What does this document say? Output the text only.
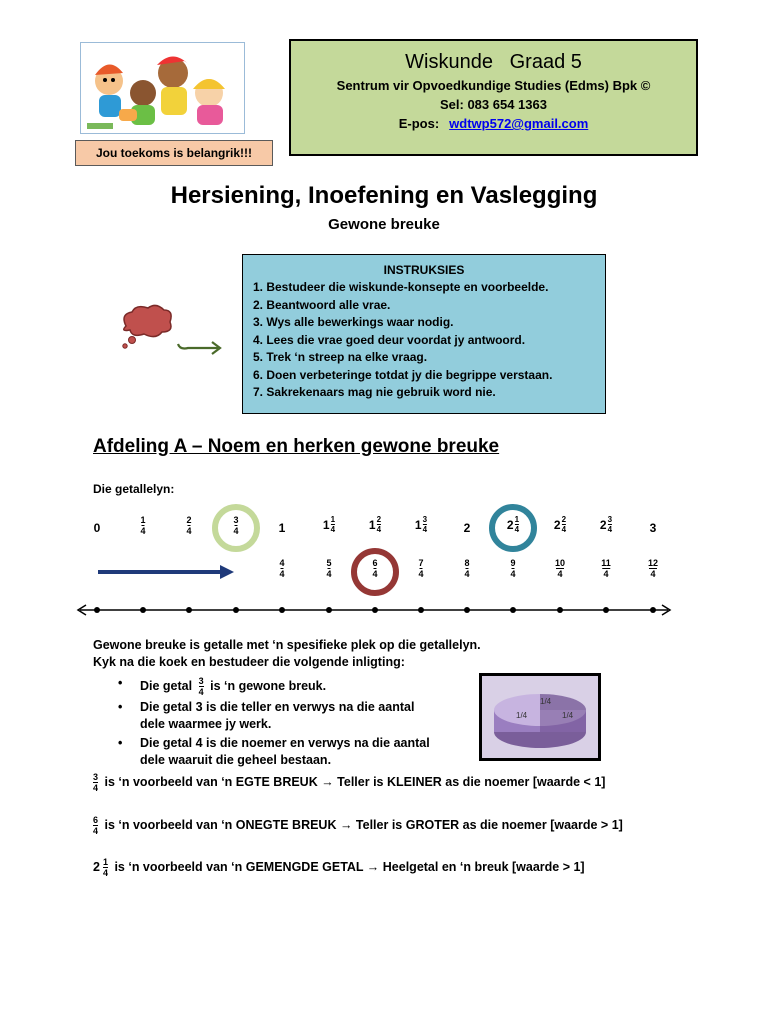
Jou toekoms is belangrik!!!
Wiskunde   Graad 5
Sentrum vir Opvoedkundige Studies (Edms) Bpk ©
Sel: 083 654 1363
E-pos: wdtwp572@gmail.com
Hersiening, Inoefening en Vaslegging
Gewone breuke
INSTRUKSIES
1. Bestudeer die wiskunde-konsepte en voorbeelde.
2. Beantwoord alle vrae.
3. Wys alle bewerkings waar nodig.
4. Lees die vrae goed deur voordat jy antwoord.
5. Trek ‘n streep na elke vraag.
6. Doen verbeteringe totdat jy die begrippe verstaan.
7. Sakrekenaars mag nie gebruik word nie.
Afdeling A – Noem en herken gewone breuke
Die getallelyn:
Gewone breuke is getalle met ‘n spesifieke plek op die getallelyn.
Kyk na die koek en bestudeer die volgende inligting:
• Die getal $\frac{3}{4}$ is ‘n gewone breuk.
• Die getal 3 is die teller en verwys na die aantal
dele waarmee jy werk.
• Die getal 4 is die noemer en verwys na die aantal
dele waaruit die geheel bestaan.
1/4
1/4
1/4
$\frac{3}{4}$ is ‘n voorbeeld van ‘n EGTE BREUK → Teller is KLEINER as die noemer [waarde < 1]
$\frac{6}{4}$ is ‘n voorbeeld van ‘n ONEGTE BREUK → Teller is GROTER as die noemer [waarde > 1]
$2 \frac{1}{4}$ is ‘n voorbeeld van ‘n GEMENGDE GETAL → Heelgetal en ‘n breuk [waarde > 1]
0
1
4
2
4
3
4	1	1 1
4	1 2
4	1 3
4	2	2 1
4	2 2
4	2 3
4	3
4
4
5
4
6
4
7
4
8
4
9
4
10
4
11
4
12
4
